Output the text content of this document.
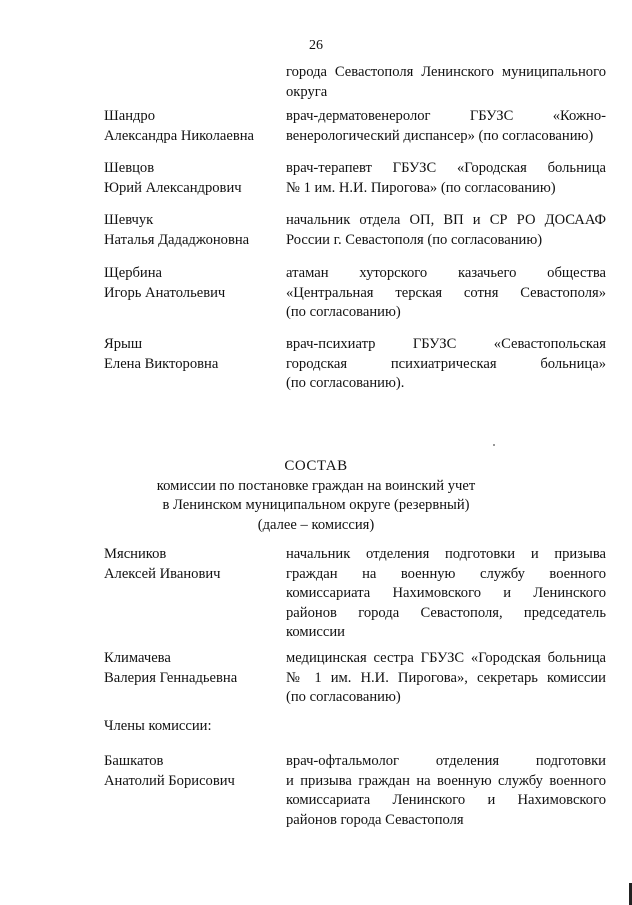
26
города Севастополя Ленинского муниципального
округа
Шандро
Александра Николаевна
врач-дерматовенеролог ГБУЗС «Кожно-
венерологический диспансер» (по согласованию)
Шевцов
Юрий Александрович
врач-терапевт ГБУЗС «Городская больница
№ 1 им. Н.И. Пирогова» (по согласованию)
Шевчук
Наталья Дададжоновна
начальник отдела ОП, ВП и СР РО ДОСААФ
России г. Севастополя (по согласованию)
Щербина
Игорь Анатольевич
атаман хуторского казачьего общества
«Центральная терская сотня Севастополя»
(по согласованию)
Ярыш
Елена Викторовна
врач-психиатр ГБУЗС «Севастопольская
городская психиатрическая больница»
(по согласованию).
СОСТАВ
комиссии по постановке граждан на воинский учет
в Ленинском муниципальном округе (резервный)
(далее – комиссия)
Мясников
Алексей Иванович
начальник отделения подготовки и призыва
граждан на военную службу военного
комиссариата Нахимовского и Ленинского
районов города Севастополя, председатель
комиссии
Климачева
Валерия Геннадьевна
медицинская сестра ГБУЗС «Городская больница
№ 1 им. Н.И. Пирогова», секретарь комиссии
(по согласованию)
Члены комиссии:
Башкатов
Анатолий Борисович
врач-офтальмолог отделения подготовки
и призыва граждан на военную службу военного
комиссариата Ленинского и Нахимовского
районов города Севастополя
